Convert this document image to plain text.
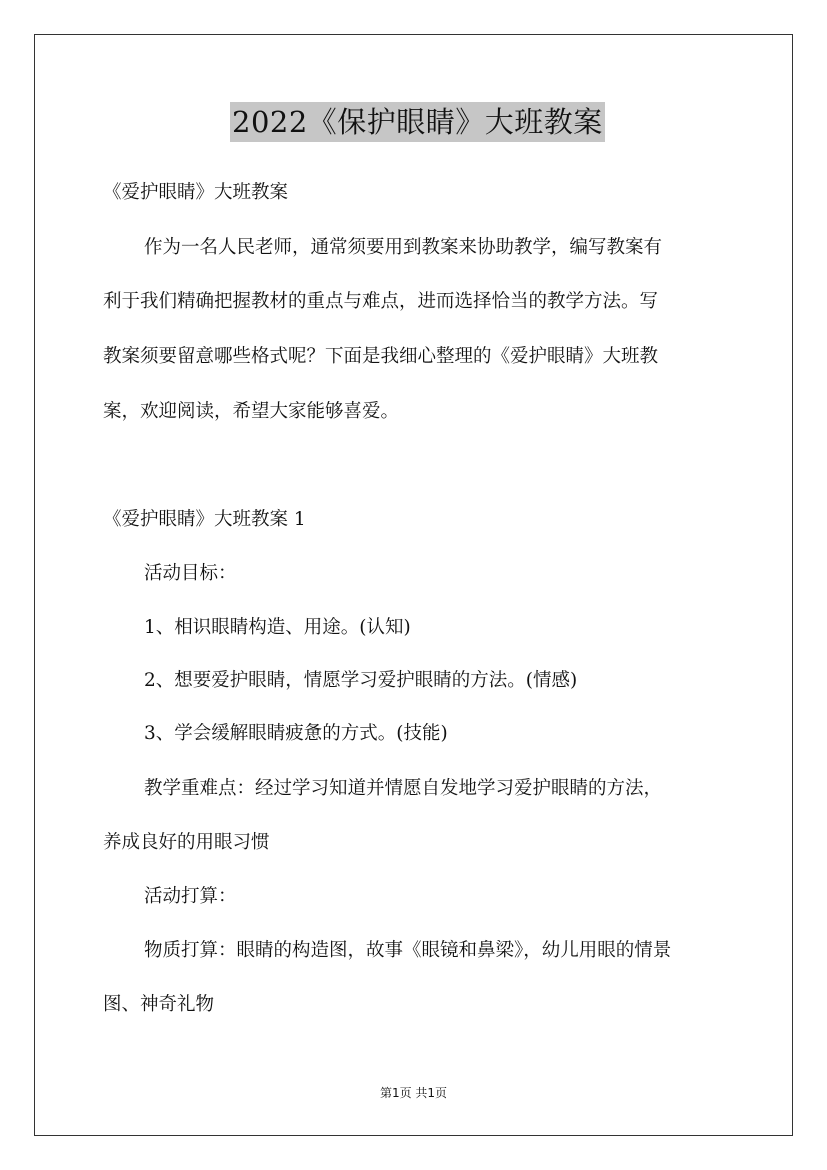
2022《保护眼睛》大班教案
《爱护眼睛》大班教案
作为一名人民老师，通常须要用到教案来协助教学，编写教案有
利于我们精确把握教材的重点与难点，进而选择恰当的教学方法。写
教案须要留意哪些格式呢？下面是我细心整理的《爱护眼睛》大班教
案，欢迎阅读，希望大家能够喜爱。
《爱护眼睛》大班教案 1
活动目标：
1、相识眼睛构造、用途。(认知)
2、想要爱护眼睛，情愿学习爱护眼睛的方法。(情感)
3、学会缓解眼睛疲惫的方式。(技能)
教学重难点：经过学习知道并情愿自发地学习爱护眼睛的方法，
养成良好的用眼习惯
活动打算：
物质打算：眼睛的构造图，故事《眼镜和鼻梁》，幼儿用眼的情景
图、神奇礼物
第1页 共1页
